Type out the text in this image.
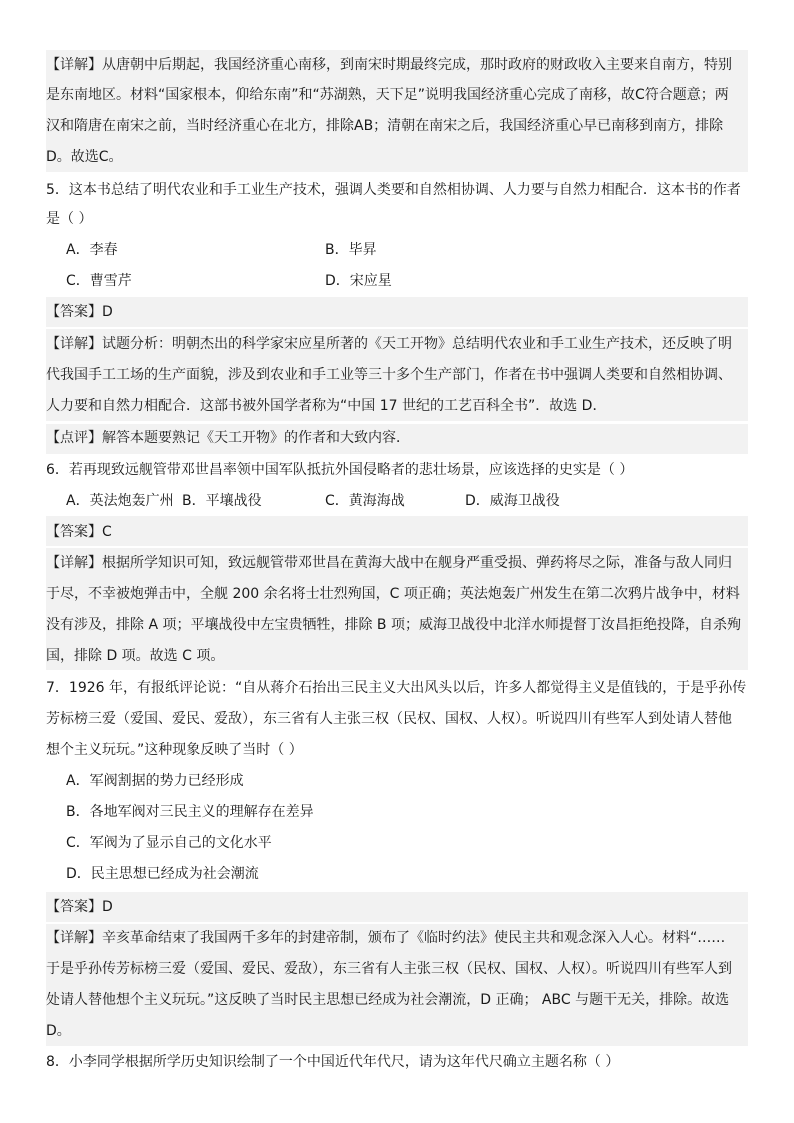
【详解】从唐朝中后期起，我国经济重心南移，到南宋时期最终完成，那时政府的财政收入主要来自南方，特别
是东南地区。材料“国家根本，仰给东南”和“苏湖熟，天下足”说明我国经济重心完成了南移，故C符合题意；两
汉和隋唐在南宋之前，当时经济重心在北方，排除AB；清朝在南宋之后，我国经济重心早已南移到南方，排除
D。故选C。
5．这本书总结了明代农业和手工业生产技术，强调人类要和自然相协调、人力要与自然力相配合．这本书的作者
是（ ）
A．李春	B．毕昇
C．曹雪芹	D．宋应星
【答案】D
【详解】试题分析：明朝杰出的科学家宋应星所著的《天工开物》总结明代农业和手工业生产技术，还反映了明
代我国手工工场的生产面貌，涉及到农业和手工业等三十多个生产部门，作者在书中强调人类要和自然相协调、
人力要和自然力相配合．这部书被外国学者称为“中国 17 世纪的工艺百科全书”．故选 D．
【点评】解答本题要熟记《天工开物》的作者和大致内容．
6．若再现致远舰管带邓世昌率领中国军队抵抗外国侵略者的悲壮场景，应该选择的史实是（ ）
A．英法炮轰广州 B．平壤战役	C．黄海海战	D．威海卫战役
【答案】C
【详解】根据所学知识可知，致远舰管带邓世昌在黄海大战中在舰身严重受损、弹药将尽之际，准备与敌人同归
于尽，不幸被炮弹击中，全舰 200 余名将士壮烈殉国，C 项正确；英法炮轰广州发生在第二次鸦片战争中，材料
没有涉及，排除 A 项；平壤战役中左宝贵牺牲，排除 B 项；威海卫战役中北洋水师提督丁汝昌拒绝投降，自杀殉
国，排除 D 项。故选 C 项。
7．1926 年，有报纸评论说：“自从蒋介石抬出三民主义大出风头以后，许多人都觉得主义是值钱的，于是乎孙传
芳标榜三爱（爱国、爱民、爱敌），东三省有人主张三权（民权、国权、人权）。听说四川有些军人到处请人替他
想个主义玩玩。”这种现象反映了当时（ ）
A．军阀割据的势力已经形成
B．各地军阀对三民主义的理解存在差异
C．军阀为了显示自己的文化水平
D．民主思想已经成为社会潮流
【答案】D
【详解】辛亥革命结束了我国两千多年的封建帝制，颁布了《临时约法》使民主共和观念深入人心。材料“……
于是乎孙传芳标榜三爱（爱国、爱民、爱敌），东三省有人主张三权（民权、国权、人权）。听说四川有些军人到
处请人替他想个主义玩玩。”这反映了当时民主思想已经成为社会潮流，D 正确； ABC 与题干无关，排除。故选
D。
8．小李同学根据所学历史知识绘制了一个中国近代年代尺，请为这年代尺确立主题名称（ ）
